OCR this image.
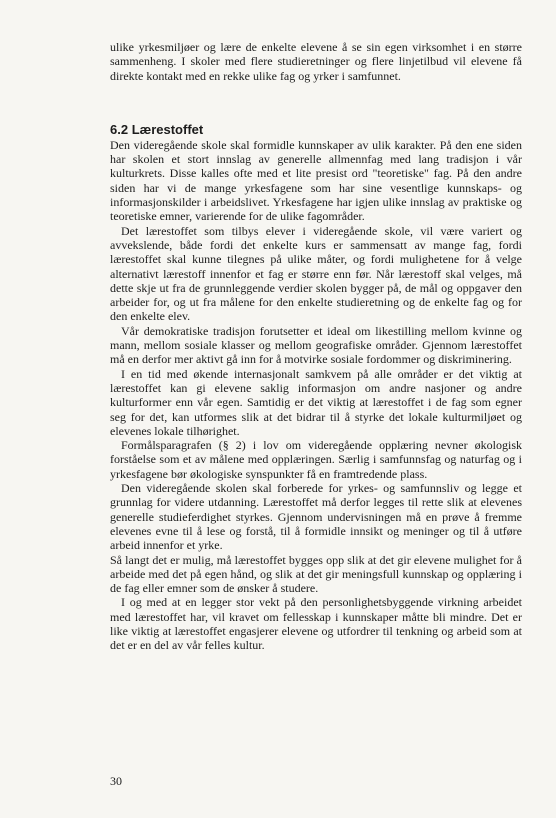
ulike yrkesmiljøer og lære de enkelte elevene å se sin egen virksomhet i en større sammenheng. I skoler med flere studieretninger og flere linjetilbud vil elevene få direkte kontakt med en rekke ulike fag og yrker i samfunnet.

6.2 Lærestoffet

Den videregående skole skal formidle kunnskaper av ulik karakter. På den ene siden har skolen et stort innslag av generelle allmennfag med lang tradisjon i vår kulturkrets. Disse kalles ofte med et lite presist ord "teoretiske" fag. På den andre siden har vi de mange yrkesfagene som har sine vesentlige kunnskaps- og informasjonskilder i arbeidslivet. Yrkesfagene har igjen ulike innslag av praktiske og teoretiske emner, varierende for de ulike fagområder.

Det lærestoffet som tilbys elever i videregående skole, vil være variert og avvekslende, både fordi det enkelte kurs er sammensatt av mange fag, fordi lærestoffet skal kunne tilegnes på ulike måter, og fordi mulighetene for å velge alternativt lærestoff innenfor et fag er større enn før. Når lærestoff skal velges, må dette skje ut fra de grunnleggende verdier skolen bygger på, de mål og oppgaver den arbeider for, og ut fra målene for den enkelte studieretning og de enkelte fag og for den enkelte elev.

Vår demokratiske tradisjon forutsetter et ideal om likestilling mellom kvinne og mann, mellom sosiale klasser og mellom geografiske områder. Gjennom lærestoffet må en derfor mer aktivt gå inn for å motvirke sosiale fordommer og diskriminering.

I en tid med økende internasjonalt samkvem på alle områder er det viktig at lærestoffet kan gi elevene saklig informasjon om andre nasjoner og andre kulturformer enn vår egen. Samtidig er det viktig at lærestoffet i de fag som egner seg for det, kan utformes slik at det bidrar til å styrke det lokale kulturmiljøet og elevenes lokale tilhørighet.

Formålsparagrafen (§ 2) i lov om videregående opplæring nevner økologisk forståelse som et av målene med opplæringen. Særlig i samfunnsfag og naturfag og i yrkesfagene bør økologiske synspunkter få en framtredende plass.

Den videregående skolen skal forberede for yrkes- og samfunnsliv og legge et grunnlag for videre utdanning. Lærestoffet må derfor legges til rette slik at elevenes generelle studieferdighet styrkes. Gjennom undervisningen må en prøve å fremme elevenes evne til å lese og forstå, til å formidle innsikt og meninger og til å utføre arbeid innenfor et yrke.

Så langt det er mulig, må lærestoffet bygges opp slik at det gir elevene mulighet for å arbeide med det på egen hånd, og slik at det gir meningsfull kunnskap og opplæring i de fag eller emner som de ønsker å studere.

I og med at en legger stor vekt på den personlighetsbyggende virkning arbeidet med lærestoffet har, vil kravet om fellesskap i kunnskaper måtte bli mindre. Det er like viktig at lærestoffet engasjerer elevene og utfordrer til tenkning og arbeid som at det er en del av vår felles kultur.

30
